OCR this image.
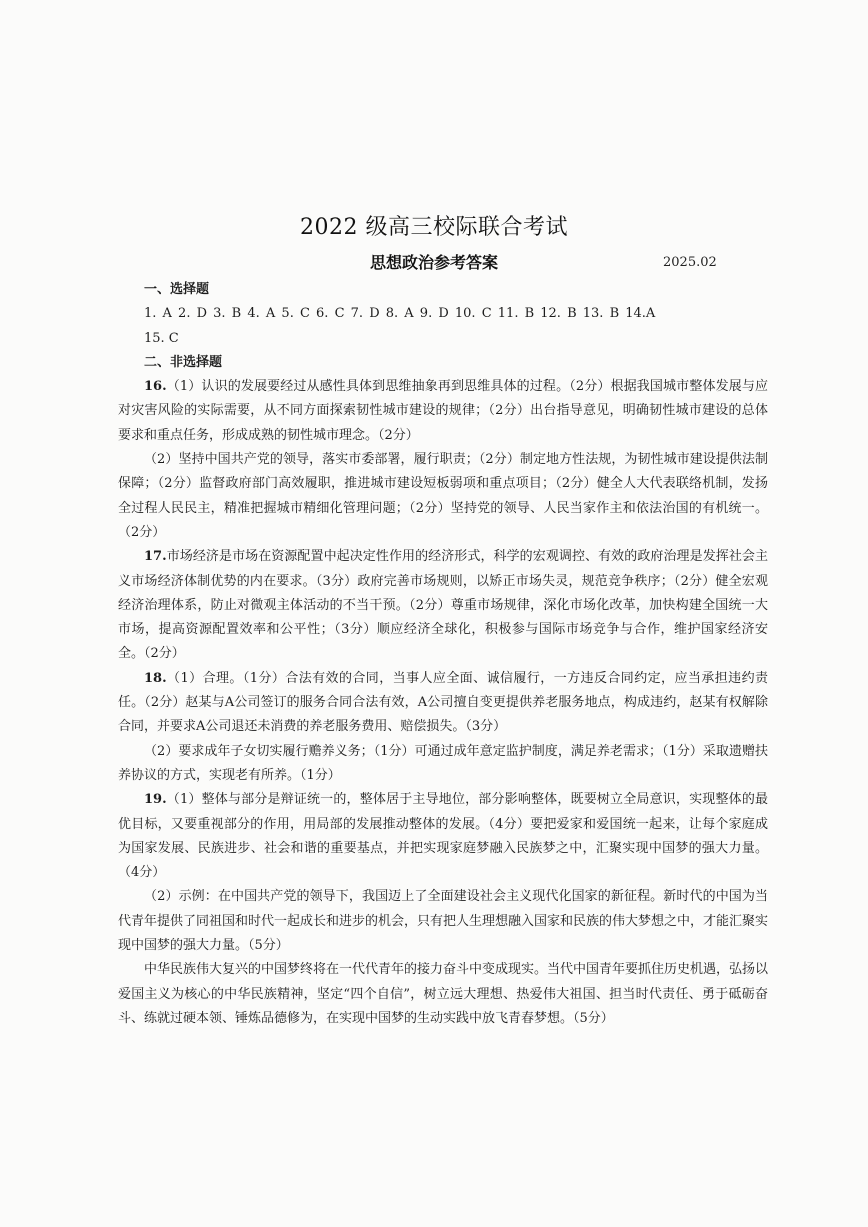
2022 级高三校际联合考试
思想政治参考答案	2025.02

一、选择题

1. A 2. D 3. B 4. A 5. C 6. C 7. D 8. A 9. D 10. C 11. B 12. B 13. B 14.A

15. C

二、非选择题

16.（1）认识的发展要经过从感性具体到思维抽象再到思维具体的过程。（2分）根据我国城市整体发展与应对灾害风险的实际需要，从不同方面探索韧性城市建设的规律；（2分）出台指导意见，明确韧性城市建设的总体要求和重点任务，形成成熟的韧性城市理念。（2分）

（2）坚持中国共产党的领导，落实市委部署，履行职责；（2分）制定地方性法规，为韧性城市建设提供法制保障；（2分）监督政府部门高效履职，推进城市建设短板弱项和重点项目；（2分）健全人大代表联络机制，发扬全过程人民民主，精准把握城市精细化管理问题；（2分）坚持党的领导、人民当家作主和依法治国的有机统一。（2分）

17.市场经济是市场在资源配置中起决定性作用的经济形式，科学的宏观调控、有效的政府治理是发挥社会主义市场经济体制优势的内在要求。（3分）政府完善市场规则，以矫正市场失灵，规范竞争秩序；（2分）健全宏观经济治理体系，防止对微观主体活动的不当干预。（2分）尊重市场规律，深化市场化改革，加快构建全国统一大市场，提高资源配置效率和公平性；（3分）顺应经济全球化，积极参与国际市场竞争与合作，维护国家经济安全。（2分）

18.（1）合理。（1分）合法有效的合同，当事人应全面、诚信履行，一方违反合同约定，应当承担违约责任。（2分）赵某与A公司签订的服务合同合法有效，A公司擅自变更提供养老服务地点，构成违约，赵某有权解除合同，并要求A公司退还未消费的养老服务费用、赔偿损失。（3分）

（2）要求成年子女切实履行赡养义务；（1分）可通过成年意定监护制度，满足养老需求；（1分）采取遗赠扶养协议的方式，实现老有所养。（1分）

19.（1）整体与部分是辩证统一的，整体居于主导地位，部分影响整体，既要树立全局意识，实现整体的最优目标，又要重视部分的作用，用局部的发展推动整体的发展。（4分）要把爱家和爱国统一起来，让每个家庭成为国家发展、民族进步、社会和谐的重要基点，并把实现家庭梦融入民族梦之中，汇聚实现中国梦的强大力量。（4分）

（2）示例：在中国共产党的领导下，我国迈上了全面建设社会主义现代化国家的新征程。新时代的中国为当代青年提供了同祖国和时代一起成长和进步的机会，只有把人生理想融入国家和民族的伟大梦想之中，才能汇聚实现中国梦的强大力量。（5分）

中华民族伟大复兴的中国梦终将在一代代青年的接力奋斗中变成现实。当代中国青年要抓住历史机遇，弘扬以爱国主义为核心的中华民族精神，坚定“四个自信”，树立远大理想、热爱伟大祖国、担当时代责任、勇于砥砺奋斗、练就过硬本领、锤炼品德修为，在实现中国梦的生动实践中放飞青春梦想。（5分）
